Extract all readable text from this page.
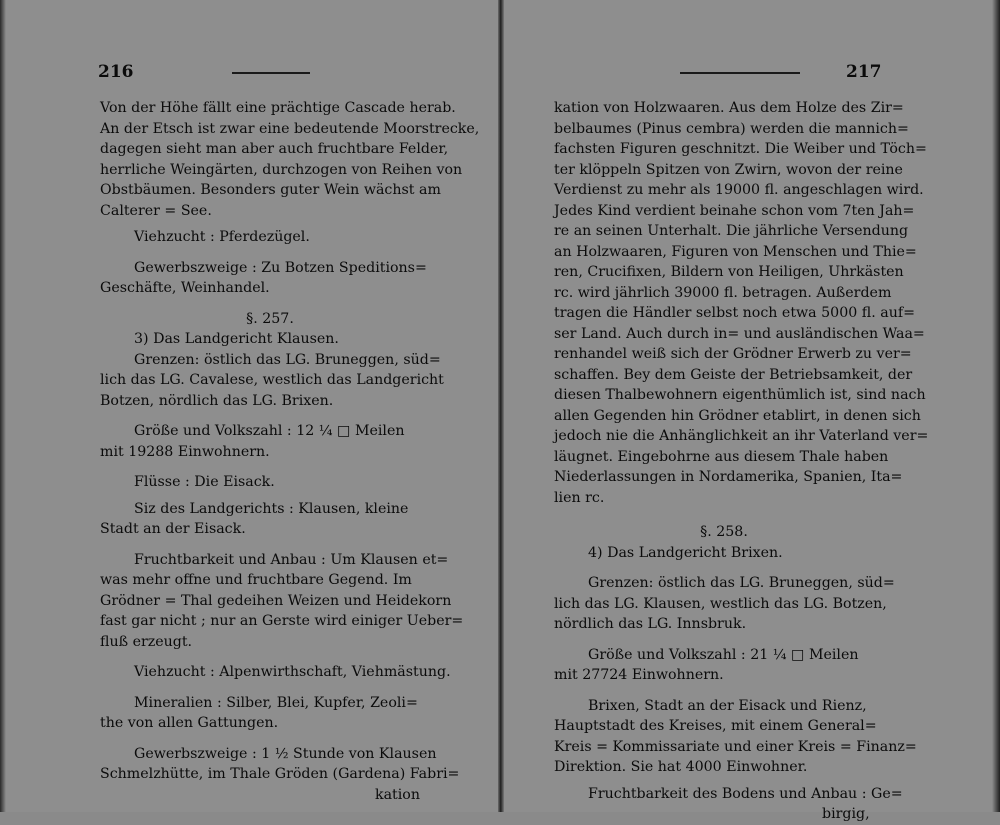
216
Von der Höhe fällt eine prächtige Cascade herab.
An der Etsch ist zwar eine bedeutende Moorstrecke,
dagegen sieht man aber auch fruchtbare Felder,
herrliche Weingärten, durchzogen von Reihen von
Obstbäumen. Besonders guter Wein wächst am
Calterer = See.
Viehzucht : Pferdezügel.
Gewerbszweige : Zu Botzen Speditions=
Geschäfte, Weinhandel.
§. 257.
3) Das Landgericht Klausen.
Grenzen: östlich das LG. Bruneggen, süd=
lich das LG. Cavalese, westlich das Landgericht
Botzen, nördlich das LG. Brixen.
Größe und Volkszahl : 12 ¼ □ Meilen
mit 19288 Einwohnern.
Flüsse : Die Eisack.
Siz des Landgerichts : Klausen, kleine
Stadt an der Eisack.
Fruchtbarkeit und Anbau : Um Klausen et=
was mehr offne und fruchtbare Gegend. Im
Grödner = Thal gedeihen Weizen und Heidekorn
fast gar nicht ; nur an Gerste wird einiger Ueber=
fluß erzeugt.
Viehzucht : Alpenwirthschaft, Viehmästung.
Mineralien : Silber, Blei, Kupfer, Zeoli=
the von allen Gattungen.
Gewerbszweige : 1 ½ Stunde von Klausen
Schmelzhütte, im Thale Gröden (Gardena) Fabri=
kation
217
kation von Holzwaaren. Aus dem Holze des Zir=
belbaumes (Pinus cembra) werden die mannich=
fachsten Figuren geschnitzt. Die Weiber und Töch=
ter klöppeln Spitzen von Zwirn, wovon der reine
Verdienst zu mehr als 19000 fl. angeschlagen wird.
Jedes Kind verdient beinahe schon vom 7ten Jah=
re an seinen Unterhalt. Die jährliche Versendung
an Holzwaaren, Figuren von Menschen und Thie=
ren, Crucifixen, Bildern von Heiligen, Uhrkästen
rc. wird jährlich 39000 fl. betragen. Außerdem
tragen die Händler selbst noch etwa 5000 fl. auf=
ser Land. Auch durch in= und ausländischen Waa=
renhandel weiß sich der Grödner Erwerb zu ver=
schaffen. Bey dem Geiste der Betriebsamkeit, der
diesen Thalbewohnern eigenthümlich ist, sind nach
allen Gegenden hin Grödner etablirt, in denen sich
jedoch nie die Anhänglichkeit an ihr Vaterland ver=
läugnet. Eingebohrne aus diesem Thale haben
Niederlassungen in Nordamerika, Spanien, Ita=
lien rc.
§. 258.
4) Das Landgericht Brixen.
Grenzen: östlich das LG. Bruneggen, süd=
lich das LG. Klausen, westlich das LG. Botzen,
nördlich das LG. Innsbruk.
Größe und Volkszahl : 21 ¼ □ Meilen
mit 27724 Einwohnern.
Brixen, Stadt an der Eisack und Rienz,
Hauptstadt des Kreises, mit einem General=
Kreis = Kommissariate und einer Kreis = Finanz=
Direktion. Sie hat 4000 Einwohner.
Fruchtbarkeit des Bodens und Anbau : Ge=
birgig,
